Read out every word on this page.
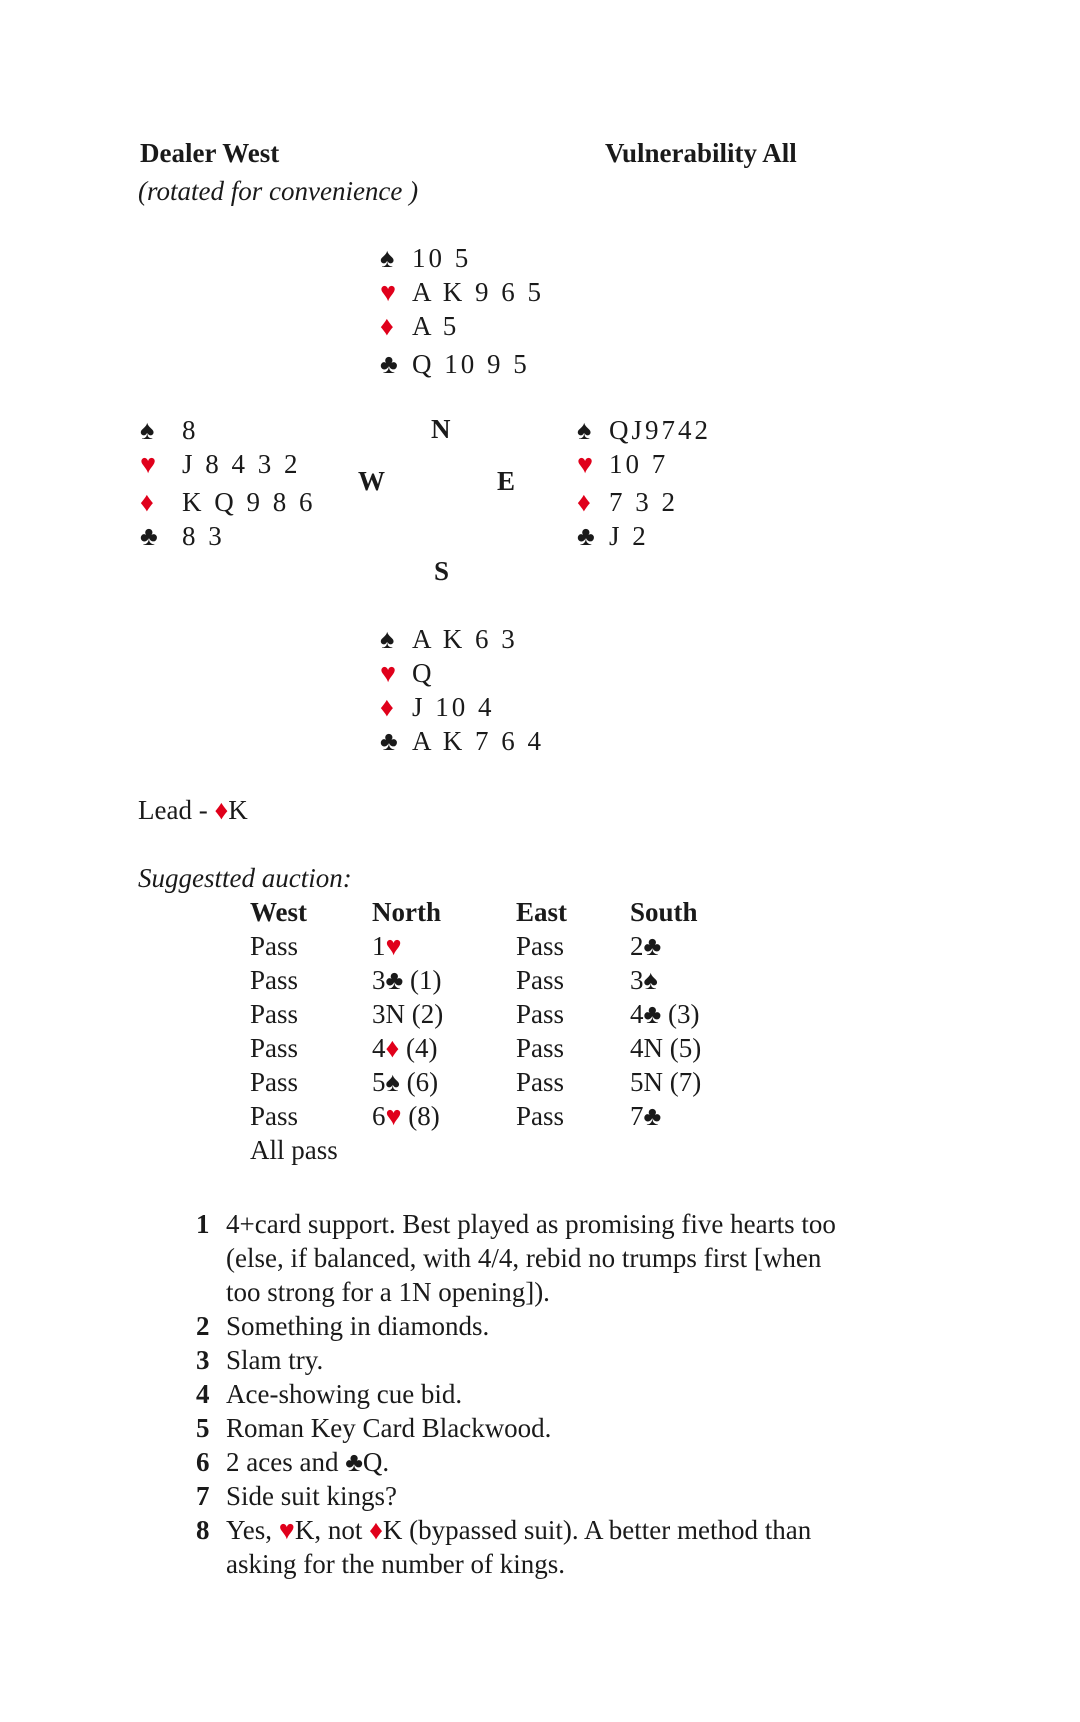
Dealer West	Vulnerability All
(rotated for convenience )
♠ 10 5
♥ A K 9 6 5
♦ A 5
♣ Q 10 9 5
♠ 8
♥ J 8 4 3 2
♦ K Q 9 8 6
♣ 8 3
♠ QJ9742
♥ 10 7
♦ 7 3 2
♣ J 2
N
W	E
S
♠ A K 6 3
♥ Q
♦ J 10 4
♣ A K 7 6 4
Lead - ♦K
Suggestted auction:
West	North	East	South
Pass	1♥	Pass	2♣
Pass	3♣ (1)	Pass	3♠
Pass	3N (2)	Pass	4♣ (3)
Pass	4♦ (4)	Pass	4N (5)
Pass	5♠ (6)	Pass	5N (7)
Pass	6♥ (8)	Pass	7♣
All pass
1 4+card support. Best played as promising five hearts too (else, if balanced, with 4/4, rebid no trumps first [when too strong for a 1N opening]).
2 Something in diamonds.
3 Slam try.
4 Ace-showing cue bid.
5 Roman Key Card Blackwood.
6 2 aces and ♣Q.
7 Side suit kings?
8 Yes, ♥K, not ♦K (bypassed suit). A better method than asking for the number of kings.
